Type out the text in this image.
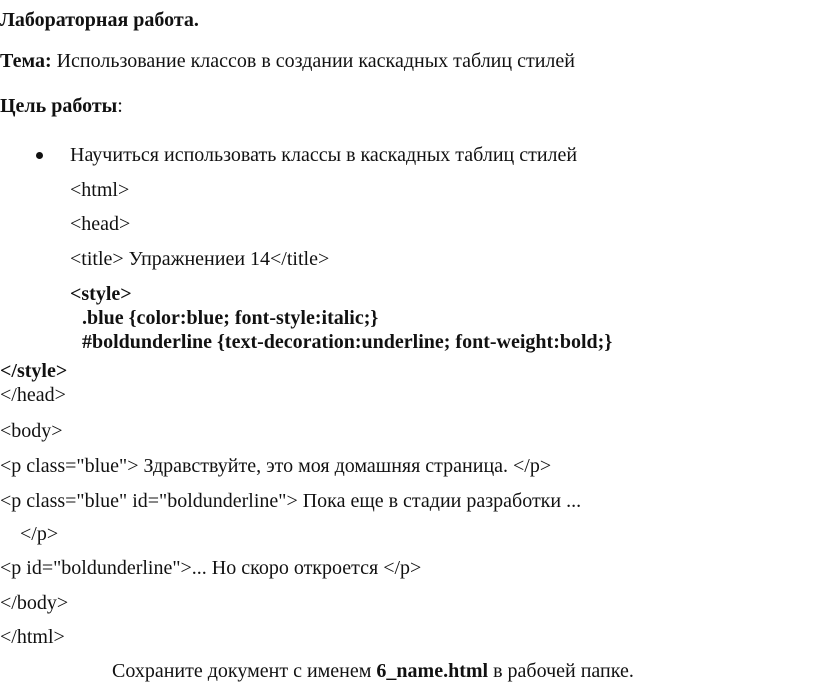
Лабораторная работа.
Тема: Использование классов в создании каскадных таблиц стилей
Цель работы:
Научиться использовать классы в каскадных таблиц стилей
<html>
<head>
<title> Упражнениеи 14</title>
<style>
.blue {color:blue; font-style:italic;}
#boldunderline {text-decoration:underline; font-weight:bold;}
</style>
</head>
<body>
<p class="blue"> Здравствуйте, это моя домашняя страница. </p>
<p class="blue" id="boldunderline"> Пока еще в стадии разработки ...
</p>
<p id="boldunderline">... Но скоро откроется </p>
</body>
</html>
Сохраните документ с именем 6_name.html в рабочей папке.
